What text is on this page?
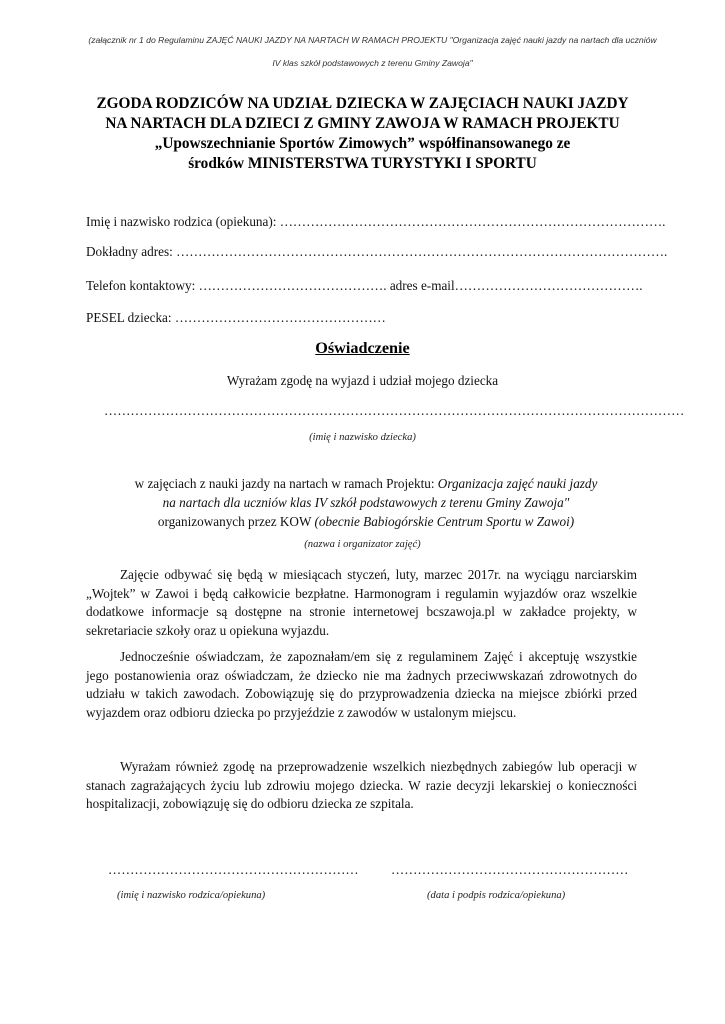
(załącznik nr 1 do Regulaminu ZAJĘĆ NAUKI JAZDY NA NARTACH W RAMACH PROJEKTU "Organizacja zajęć nauki jazdy na nartach dla uczniów
IV klas szkół podstawowych z terenu Gminy Zawoja"
ZGODA RODZICÓW NA UDZIAŁ DZIECKA W ZAJĘCIACH NAUKI JAZDY
NA NARTACH DLA DZIECI Z GMINY ZAWOJA W RAMACH PROJEKTU
„Upowszechnianie Sportów Zimowych” współfinansowanego ze
środków MINISTERSTWA TURYSTYKI I SPORTU
Imię i nazwisko rodzica (opiekuna): …………………………………………………………………………….
Dokładny adres: ………………………………………………………………………………………………….
Telefon kontaktowy: ……………………………………. adres e-mail…………………………………….
PESEL dziecka: …………………………………………
Oświadczenie
Wyrażam zgodę na wyjazd i udział mojego dziecka
……………………………………………………………………………………………………………………
(imię i nazwisko dziecka)
w zajęciach z nauki jazdy na nartach w ramach Projektu: Organizacja zajęć nauki jazdy
na nartach dla uczniów klas IV szkół podstawowych z terenu Gminy Zawoja"
organizowanych przez KOW (obecnie Babiogórskie Centrum Sportu w Zawoi)
(nazwa i organizator zajęć)
Zajęcie odbywać się będą w miesiącach styczeń, luty, marzec 2017r. na wyciągu narciarskim „Wojtek” w Zawoi i będą całkowicie bezpłatne. Harmonogram i regulamin wyjazdów oraz wszelkie dodatkowe informacje są dostępne na stronie internetowej bcszawoja.pl w zakładce projekty, w sekretariacie szkoły oraz u opiekuna wyjazdu.
Jednocześnie oświadczam, że zapoznałam/em się z regulaminem Zajęć i akceptuję wszystkie jego postanowienia oraz oświadczam, że dziecko nie ma żadnych przeciwwskazań zdrowotnych do udziału w takich zawodach. Zobowiązuję się do przyprowadzenia dziecka na miejsce zbiórki przed wyjazdem oraz odbioru dziecka po przyjeździe z zawodów w ustalonym miejscu.
Wyrażam również zgodę na przeprowadzenie wszelkich niezbędnych zabiegów lub operacji w stanach zagrażających życiu lub zdrowiu mojego dziecka. W razie decyzji lekarskiej o konieczności hospitalizacji, zobowiązuję się do odbioru dziecka ze szpitala.
………………………………………………… ………………………………………………
(imię i nazwisko rodzica/opiekuna)	(data i podpis rodzica/opiekuna)
